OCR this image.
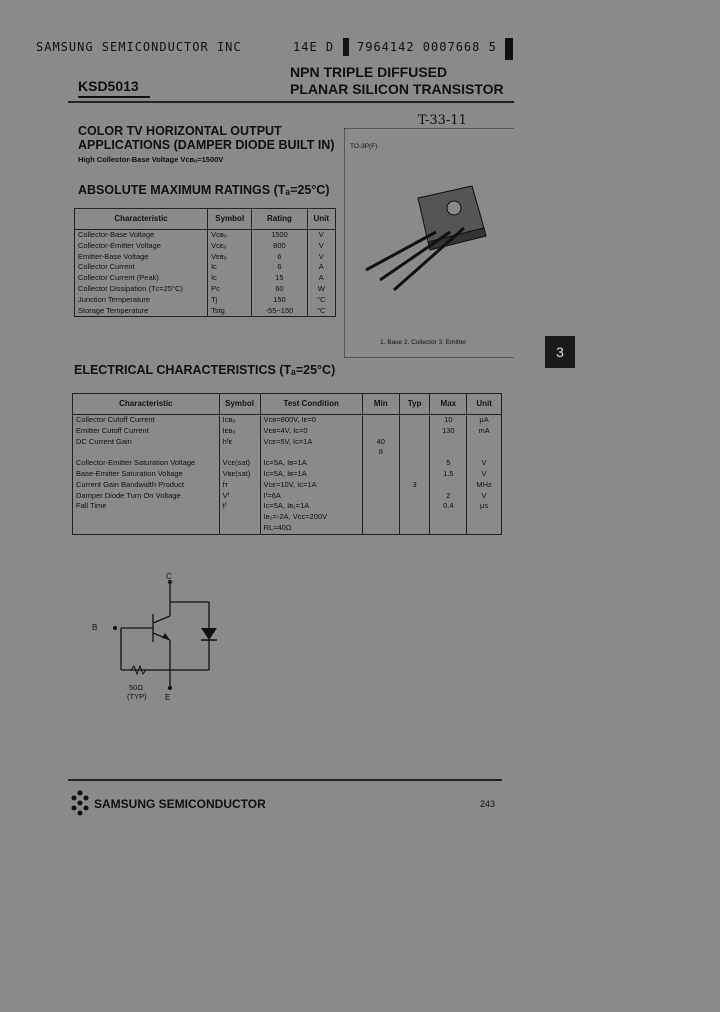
SAMSUNG SEMICONDUCTOR INC	14E D 7964142 0007668 5
KSD5013
NPN TRIPLE DIFFUSED
PLANAR SILICON TRANSISTOR
T-33-11
COLOR TV HORIZONTAL OUTPUT
APPLICATIONS (DAMPER DIODE BUILT IN)
High Collector-Base Voltage Vᴄʙₒ=1500V
ABSOLUTE MAXIMUM RATINGS (Tₐ=25°C)
Characteristic	Symbol	Rating	Unit
Collector-Base Voltage	Vᴄʙₒ	1500	V
Collector-Emitter Voltage	Vᴄᴇₒ	800	V
Emitter-Base Voltage	Vᴇʙₒ	6	V
Collector Current	Iᴄ	6	A
Collector Current (Peak)	Iᴄ	15	A
Collector Dissipation (Tᴄ=25°C)	Pᴄ	60	W
Junction Temperature	Tj	150	°C
Storage Temperature	Tstg	-55~150	°C
TO-3P(F)
1. Base 2. Collector 3. Emitter
3
ELECTRICAL CHARACTERISTICS (Tₐ=25°C)
Characteristic	Symbol	Test Condition	Min	Typ	Max	Unit
Collector Cutoff Current	Iᴄʙₒ	Vᴄʙ=800V, Iᴇ=0			10	μA
Emitter Cutoff Current	Iᴇʙₒ	Vᴇʙ=4V, Iᴄ=0			130	mA
DC Current Gain	hᶠᴇ	Vᴄᴇ=5V, Iᴄ=1A	40			
			8			
Collector-Emitter Saturation Voltage	Vᴄᴇ(sat)	Iᴄ=5A, Iʙ=1A			5	V
Base-Emitter Saturation Voltage	Vʙᴇ(sat)	Iᴄ=5A, Iʙ=1A			1.5	V
Current Gain Bandwidth Product	fᴛ	Vᴄᴇ=10V, Iᴄ=1A		3		MHz
Damper Diode Turn On Voltage	Vᶠ	Iᶠ=6A			2	V
Fall Time	tᶠ	Iᴄ=5A, Iʙ₁=1A			0.4	μs
		Iʙ₂=-2A, Vᴄᴄ=200V				
		RL=40Ω				
C
B
E
50Ω
(TYP)
SAMSUNG SEMICONDUCTOR	243
